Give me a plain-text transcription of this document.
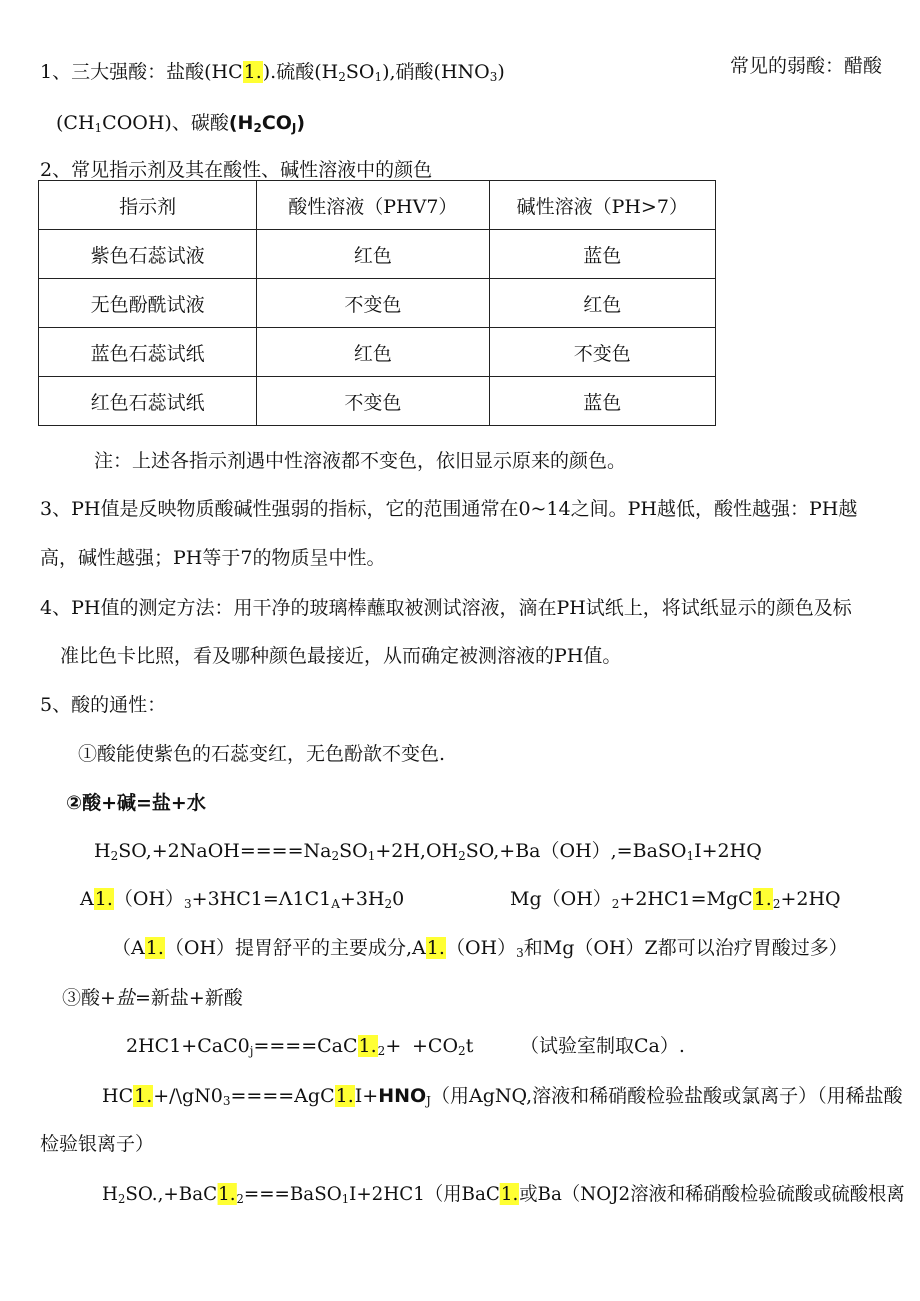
1、三大强酸：盐酸(HC1.).硫酸$(H_2SO_1)$,硝酸$(HNO_3)$	常见的弱酸：醋酸
$(CH_1COOH)$、碳酸$(H_2CO_J)$
2、常见指示剂及其在酸性、碱性溶液中的颜色
指示剂	酸性溶液（PHV7）	碱性溶液（PH>7）
紫色石蕊试液	红色	蓝色
无色酚酰试液	不变色	红色
蓝色石蕊试纸	红色	不变色
红色石蕊试纸	不变色	蓝色
注：上述各指示剂遇中性溶液都不变色，依旧显示原来的颜色。
3、PH值是反映物质酸碱性强弱的指标，它的范围通常在0~14之间。PH越低，酸性越强：PH越
高，碱性越强；PH等于7的物质呈中性。
4、PH值的测定方法：用干净的玻璃棒蘸取被测试溶液，滴在PH试纸上，将试纸显示的颜色及标
准比色卡比照，看及哪种颜色最接近，从而确定被测溶液的PH值。
5、酸的通性：
①酸能使紫色的石蕊变红，无色酚歆不变色.
②酸+碱=盐+水
$H_2SO,+2NaOH====Na_2SO_1+2H,OH_2SO,+Ba(OH),=BaSO_1I+2HQ$
$A1.(OH)_3+3HC1=\Lambda 1C1_A+3H_20$	$Mg(OH)_2+2HC1=MgC1._2+2HQ$
（A1.（OH）提胃舒平的主要成分$,A1.(OH)_3$和Mg（OH）Z都可以治疗胃酸过多）
③酸+盐=新盐+新酸
$2HC1+CaC0_j====CaC1._2+ +CO_2t$ （试验室制取Ca）.
$HC1.+/\backslash gN0_3====AgC1.I+HNO_J$（用AgNQ,溶液和稀硝酸检验盐酸或氯离子）（用稀盐酸
检验银离子）
$H_2SO.,+BaC1._2===BaSO_1I+2HC1$（用BaC1.或Ba（NOJ2溶液和稀硝酸检验硫酸或硫酸根离
